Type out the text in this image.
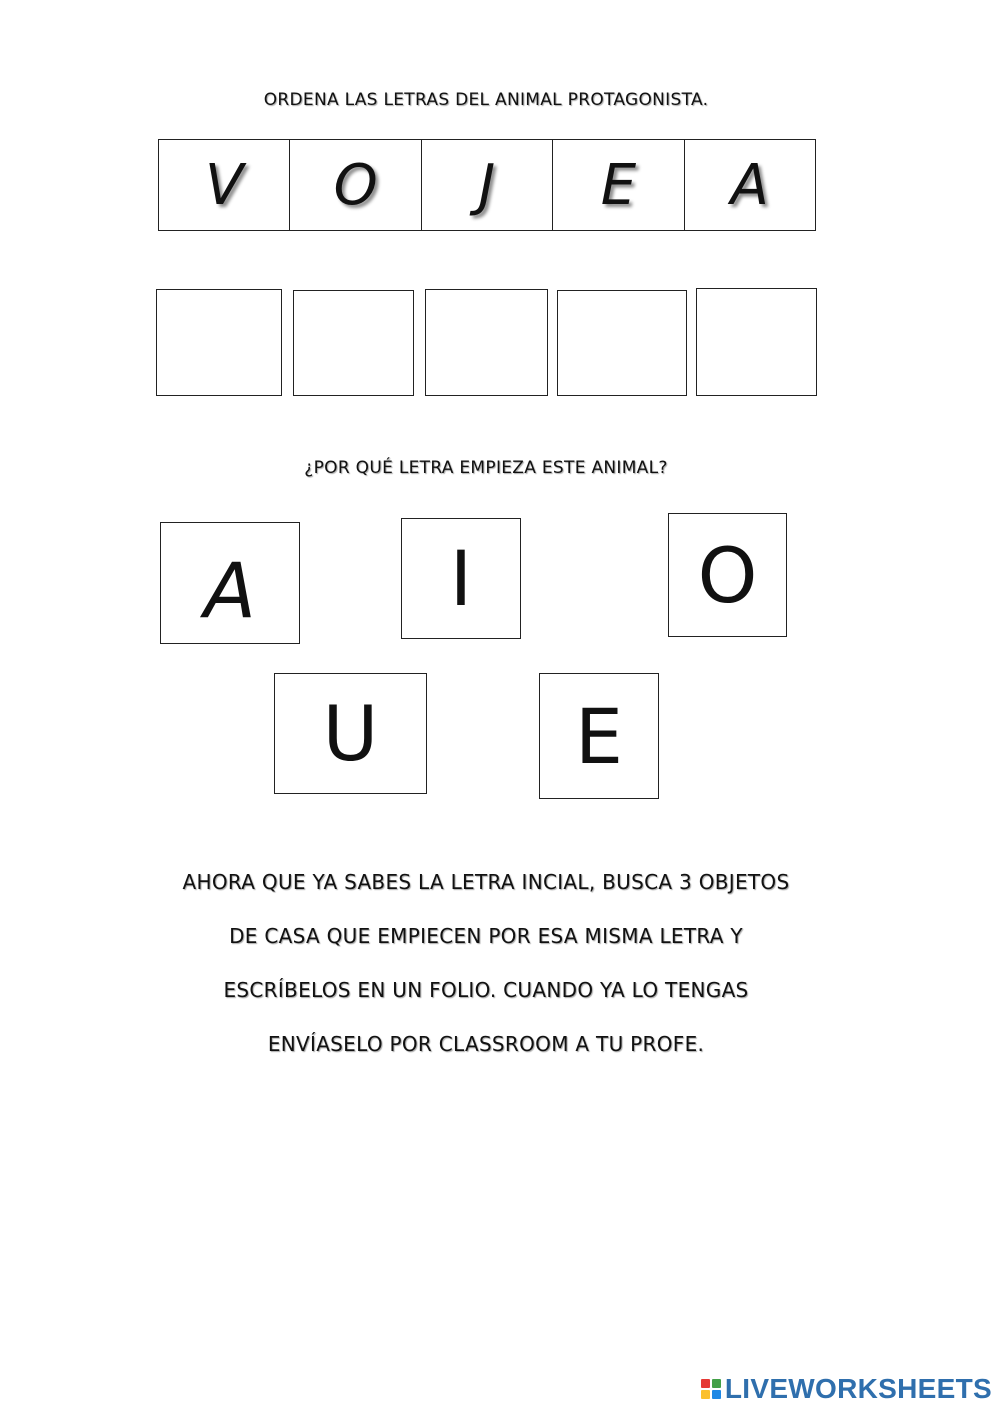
ORDENA LAS LETRAS DEL ANIMAL PROTAGONISTA.
V	O	J	E	A
¿POR QUÉ LETRA EMPIEZA ESTE ANIMAL?
A	I	O
U	E
AHORA QUE YA SABES LA LETRA INCIAL, BUSCA 3 OBJETOS
DE CASA QUE EMPIECEN POR ESA MISMA LETRA Y
ESCRÍBELOS EN UN FOLIO. CUANDO YA LO TENGAS
ENVÍASELO POR CLASSROOM A TU PROFE.
LIVEWORKSHEETS
